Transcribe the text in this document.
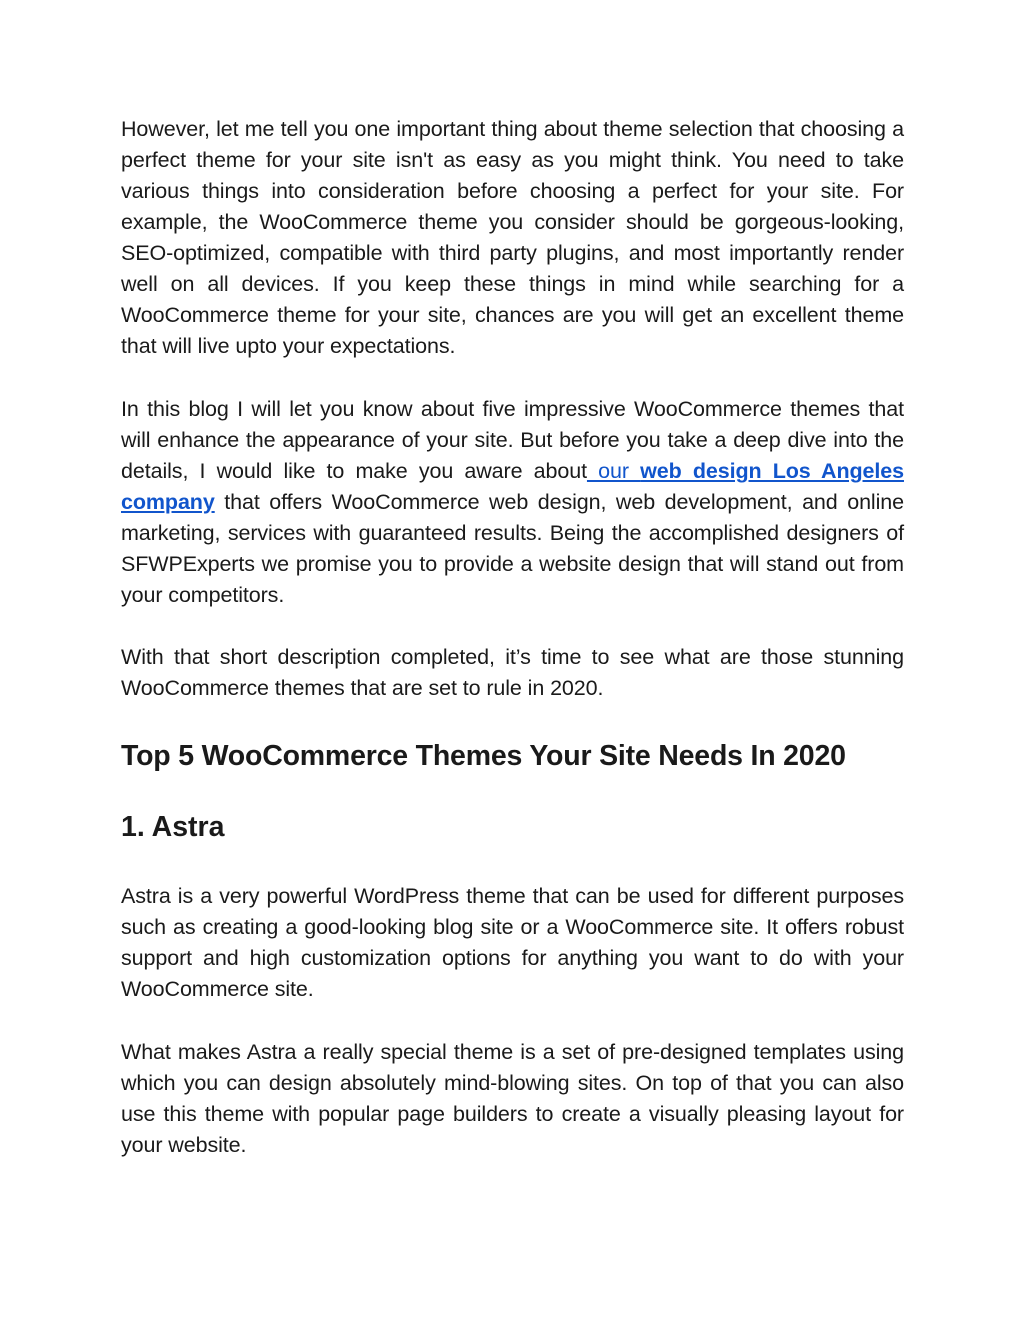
However, let me tell you one important thing about theme selection that choosing a perfect theme for your site isn't as easy as you might think. You need to take various things into consideration before choosing a perfect for your site. For example, the WooCommerce theme you consider should be gorgeous-looking, SEO-optimized, compatible with third party plugins, and most importantly render well on all devices. If you keep these things in mind while searching for a WooCommerce theme for your site, chances are you will get an excellent theme that will live upto your expectations.

In this blog I will let you know about five impressive WooCommerce themes that will enhance the appearance of your site. But before you take a deep dive into the details, I would like to make you aware about our web design Los Angeles company that offers WooCommerce web design, web development, and online marketing, services with guaranteed results. Being the accomplished designers of SFWPExperts we promise you to provide a website design that will stand out from your competitors.

With that short description completed, it’s time to see what are those stunning WooCommerce themes that are set to rule in 2020.

Top 5 WooCommerce Themes Your Site Needs In 2020
1. Astra

Astra is a very powerful WordPress theme that can be used for different purposes such as creating a good-looking blog site or a WooCommerce site. It offers robust support and high customization options for anything you want to do with your WooCommerce site.

What makes Astra a really special theme is a set of pre-designed templates using which you can design absolutely mind-blowing sites. On top of that you can also use this theme with popular page builders to create a visually pleasing layout for your website.
